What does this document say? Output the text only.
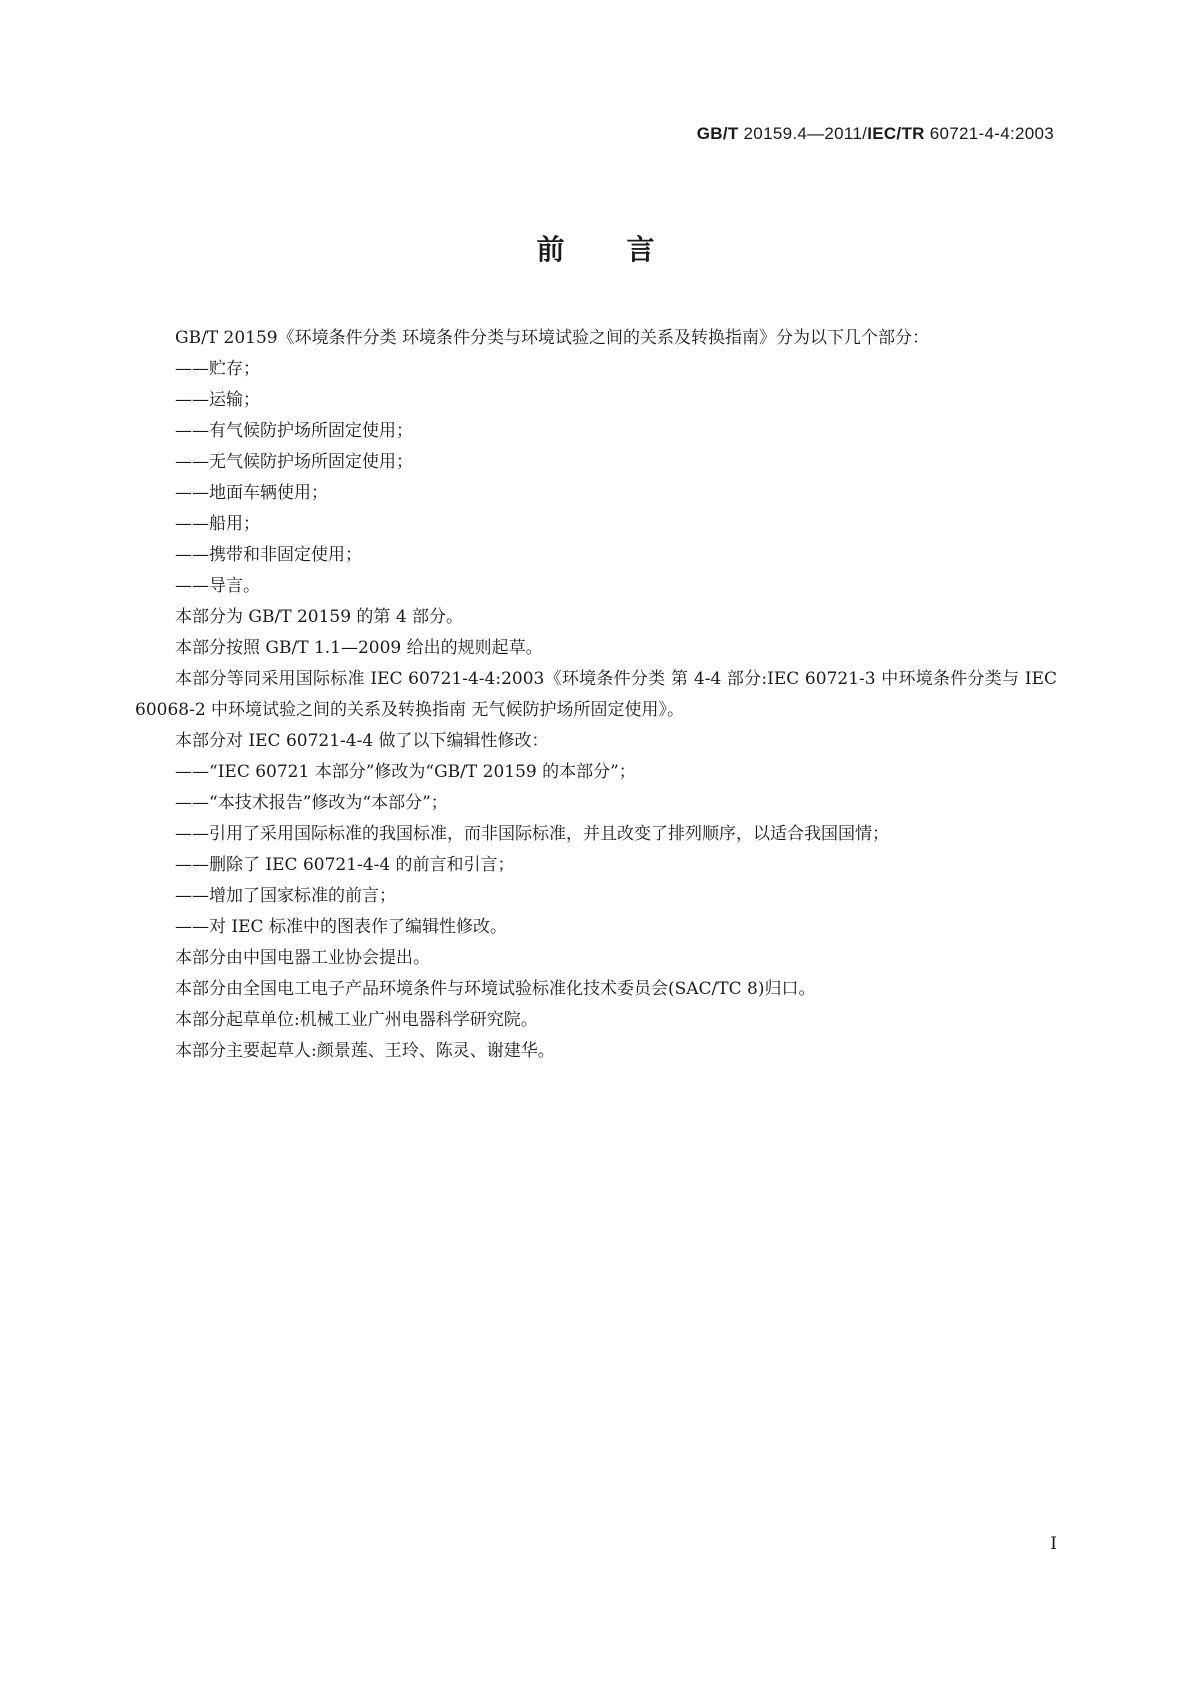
GB/T 20159.4—2011/IEC/TR 60721-4-4:2003
前言

GB/T 20159《环境条件分类 环境条件分类与环境试验之间的关系及转换指南》分为以下几个部分：

——贮存；

——运输；

——有气候防护场所固定使用；

——无气候防护场所固定使用；

——地面车辆使用；

——船用；

——携带和非固定使用；

——导言。

本部分为 GB/T 20159 的第 4 部分。

本部分按照 GB/T 1.1—2009 给出的规则起草。

本部分等同采用国际标准 IEC 60721-4-4:2003《环境条件分类 第 4-4 部分:IEC 60721-3 中环境条件分类与 IEC 60068-2 中环境试验之间的关系及转换指南 无气候防护场所固定使用》。

本部分对 IEC 60721-4-4 做了以下编辑性修改：

——“IEC 60721 本部分”修改为“GB/T 20159 的本部分”；

——“本技术报告”修改为“本部分”；

——引用了采用国际标准的我国标准，而非国际标准，并且改变了排列顺序，以适合我国国情；

——删除了 IEC 60721-4-4 的前言和引言；

——增加了国家标准的前言；

——对 IEC 标准中的图表作了编辑性修改。

本部分由中国电器工业协会提出。

本部分由全国电工电子产品环境条件与环境试验标准化技术委员会(SAC/TC 8)归口。

本部分起草单位:机械工业广州电器科学研究院。

本部分主要起草人:颜景莲、王玲、陈灵、谢建华。

I
